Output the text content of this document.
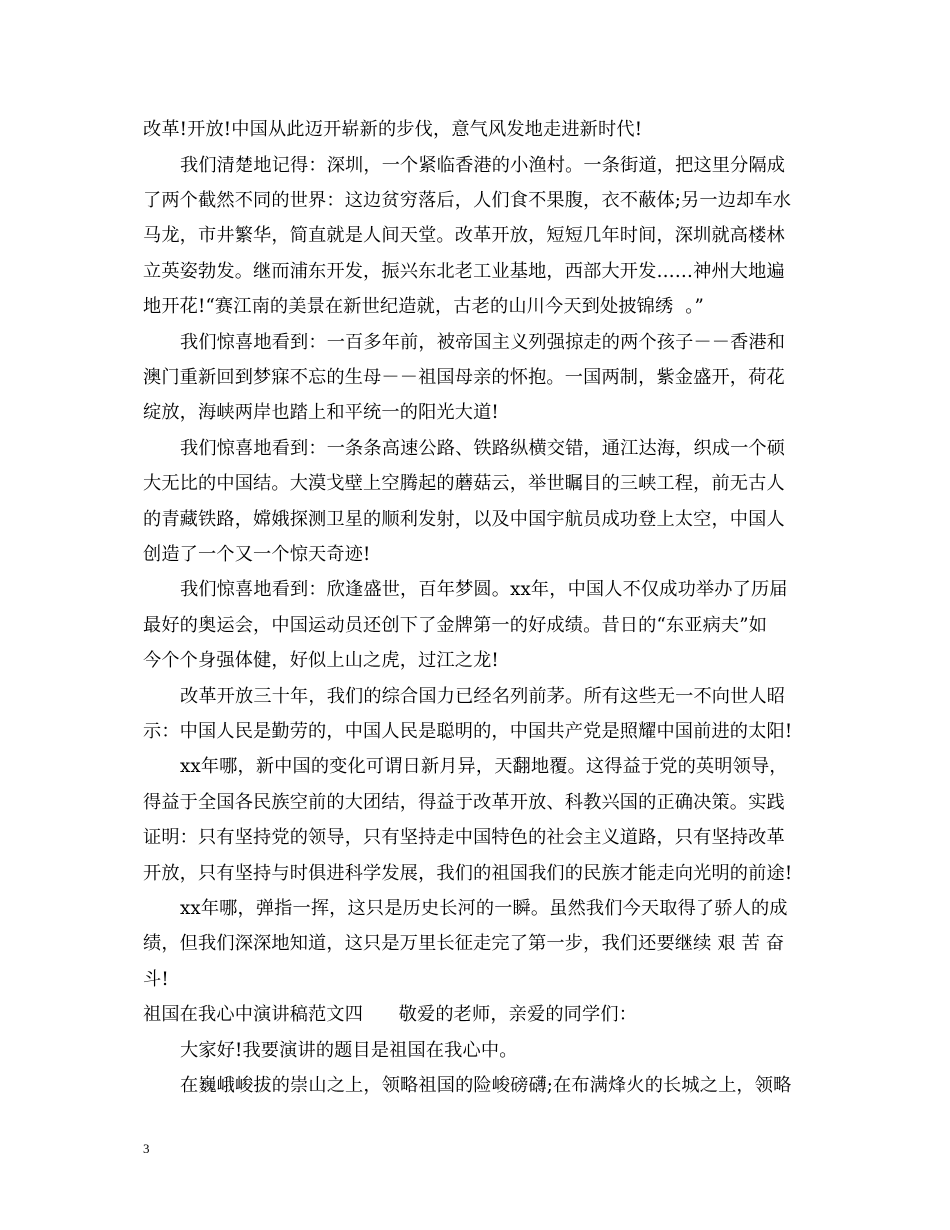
改革!开放!中国从此迈开崭新的步伐，意气风发地走进新时代!
我们清楚地记得：深圳，一个紧临香港的小渔村。一条街道，把这里分隔成
了两个截然不同的世界：这边贫穷落后，人们食不果腹，衣不蔽体;另一边却车水
马龙，市井繁华，简直就是人间天堂。改革开放，短短几年时间，深圳就高楼林
立英姿勃发。继而浦东开发，振兴东北老工业基地，西部大开发……神州大地遍
地开花!“赛江南的美景在新世纪造就，古老的山川今天到处披锦绣  。”
我们惊喜地看到：一百多年前，被帝国主义列强掠走的两个孩子－－香港和
澳门重新回到梦寐不忘的生母－－祖国母亲的怀抱。一国两制，紫金盛开，荷花
绽放，海峡两岸也踏上和平统一的阳光大道!
我们惊喜地看到：一条条高速公路、铁路纵横交错，通江达海，织成一个硕
大无比的中国结。大漠戈壁上空腾起的蘑菇云，举世瞩目的三峡工程，前无古人
的青藏铁路，嫦娥探测卫星的顺利发射，以及中国宇航员成功登上太空，中国人
创造了一个又一个惊天奇迹!
我们惊喜地看到：欣逢盛世，百年梦圆。xx年，中国人不仅成功举办了历届
最好的奥运会，中国运动员还创下了金牌第一的好成绩。昔日的“东亚病夫”如
今个个身强体健，好似上山之虎，过江之龙!
改革开放三十年，我们的综合国力已经名列前茅。所有这些无一不向世人昭
示：中国人民是勤劳的，中国人民是聪明的，中国共产党是照耀中国前进的太阳!
xx年哪，新中国的变化可谓日新月异，天翻地覆。这得益于党的英明领导，
得益于全国各民族空前的大团结，得益于改革开放、科教兴国的正确决策。实践
证明：只有坚持党的领导，只有坚持走中国特色的社会主义道路，只有坚持改革
开放，只有坚持与时俱进科学发展，我们的祖国我们的民族才能走向光明的前途!
xx年哪，弹指一挥，这只是历史长河的一瞬。虽然我们今天取得了骄人的成
绩，但我们深深地知道，这只是万里长征走完了第一步，我们还要继续 艰 苦 奋
斗!
祖国在我心中演讲稿范文四      敬爱的老师，亲爱的同学们：
大家好!我要演讲的题目是祖国在我心中。
在巍峨峻拔的崇山之上，领略祖国的险峻磅礴;在布满烽火的长城之上，领略
3
